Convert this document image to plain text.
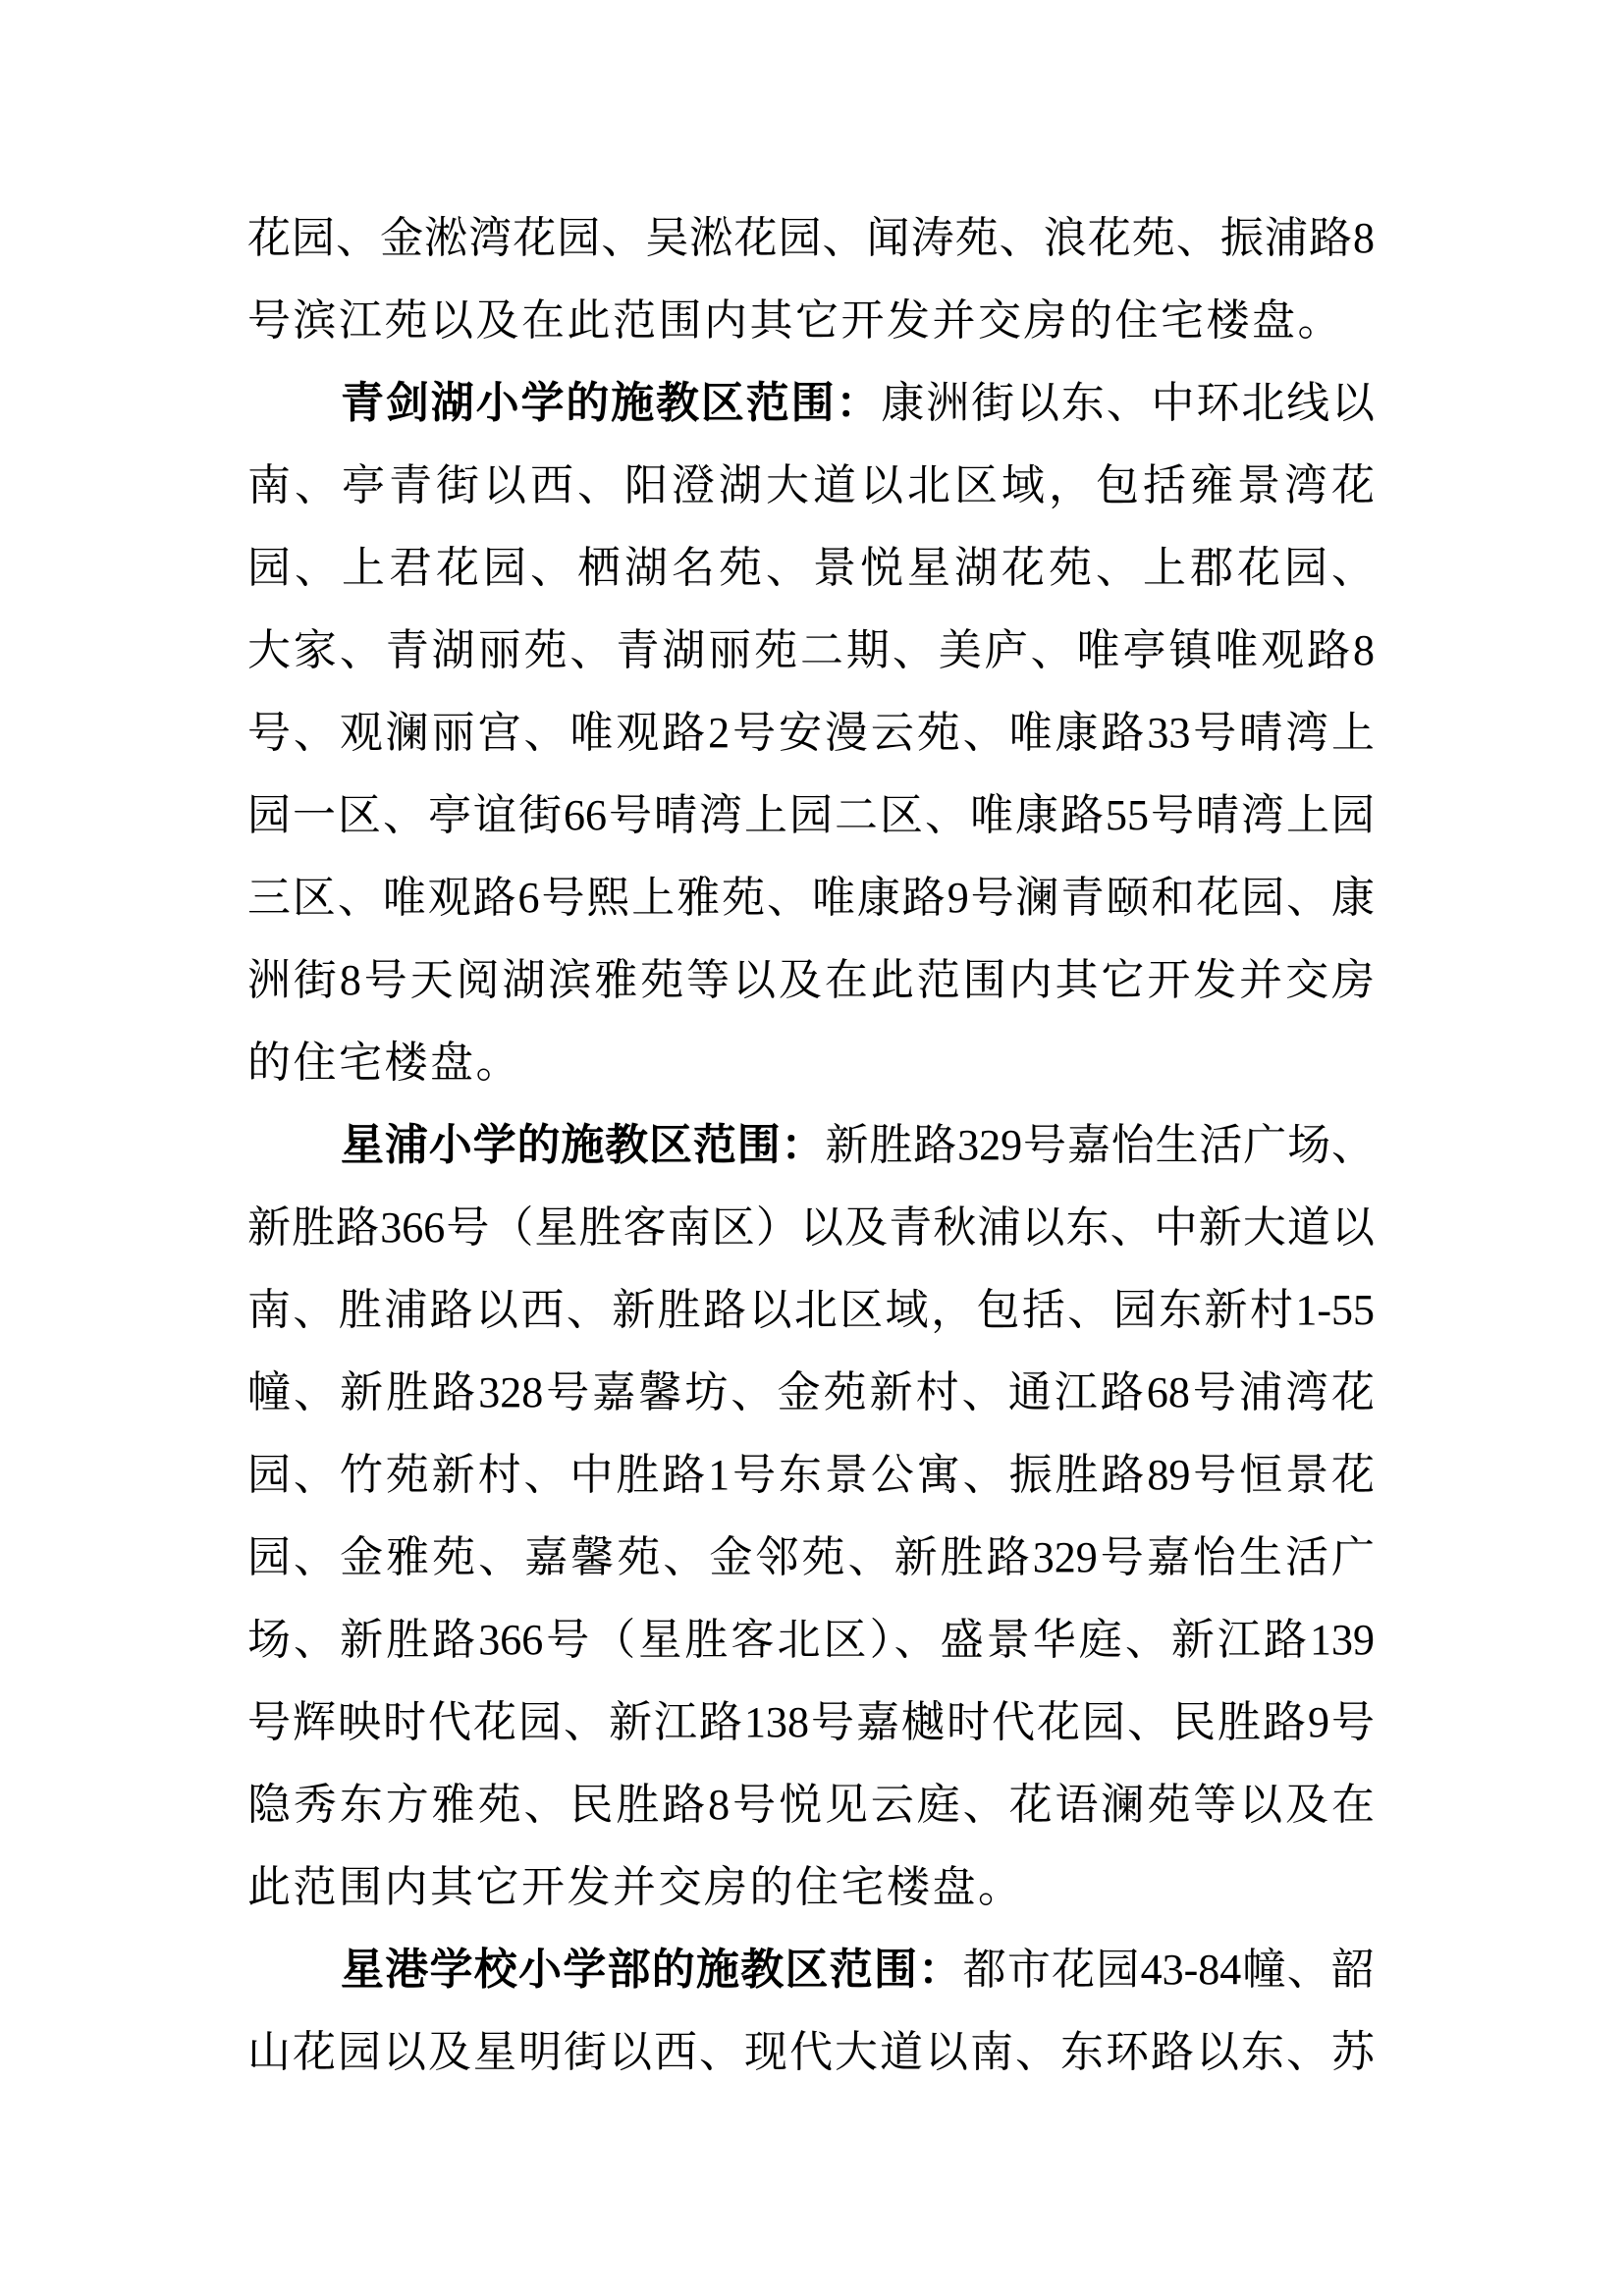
花园、金淞湾花园、吴淞花园、闻涛苑、浪花苑、振浦路8
号滨江苑以及在此范围内其它开发并交房的住宅楼盘。
青剑湖小学的施教区范围：康洲街以东、中环北线以
南、亭青街以西、阳澄湖大道以北区域，包括雍景湾花
园、上君花园、栖湖名苑、景悦星湖花苑、上郡花园、
大家、青湖丽苑、青湖丽苑二期、美庐、唯亭镇唯观路8
号、观澜丽宫、唯观路2号安漫云苑、唯康路33号晴湾上
园一区、亭谊街66号晴湾上园二区、唯康路55号晴湾上园
三区、唯观路6号熙上雅苑、唯康路9号澜青颐和花园、康
洲街8号天阅湖滨雅苑等以及在此范围内其它开发并交房
的住宅楼盘。
星浦小学的施教区范围：新胜路329号嘉怡生活广场、
新胜路366号（星胜客南区）以及青秋浦以东、中新大道以
南、胜浦路以西、新胜路以北区域，包括、园东新村1-55
幢、新胜路328号嘉馨坊、金苑新村、通江路68号浦湾花
园、竹苑新村、中胜路1号东景公寓、振胜路89号恒景花
园、金雅苑、嘉馨苑、金邻苑、新胜路329号嘉怡生活广
场、新胜路366号（星胜客北区）、盛景华庭、新江路139
号辉映时代花园、新江路138号嘉樾时代花园、民胜路9号
隐秀东方雅苑、民胜路8号悦见云庭、花语澜苑等以及在
此范围内其它开发并交房的住宅楼盘。
星港学校小学部的施教区范围：都市花园43-84幢、韶
山花园以及星明街以西、现代大道以南、东环路以东、苏
